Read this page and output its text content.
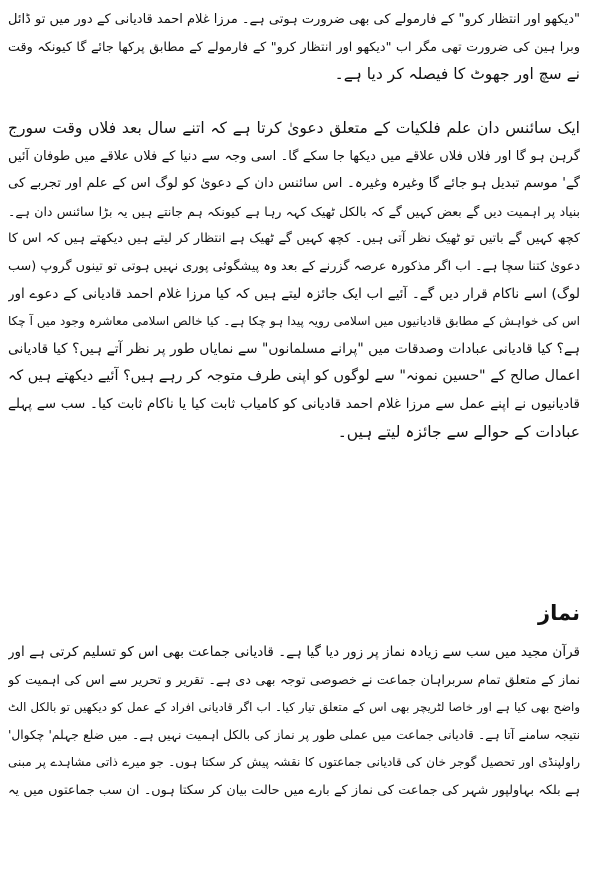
"دیکھو اور انتظار کرو" کے فارمولے کی بھی ضرورت ہوتی ہے۔ مرزا غلام احمد قادیانی کے دور میں تو ڈائل
وبرا ہین کی ضرورت تھی مگر اب "دیکھو اور انتظار کرو" کے فارمولے کے مطابق پرکھا جائے گا کیونکہ وقت
نے سچ اور جھوٹ کا فیصلہ کر دیا ہے۔
ایک سائنس دان علم فلکیات کے متعلق دعویٰ کرتا ہے کہ اتنے سال بعد فلاں وقت سورج
گرہن ہو گا اور فلاں فلاں علاقے میں دیکھا جا سکے گا۔ اسی وجہ سے دنیا کے فلاں علاقے میں طوفان آئیں
گے' موسم تبدیل ہو جائے گا وغیرہ وغیرہ۔ اس سائنس دان کے دعویٰ کو لوگ اس کے علم اور تجربے کی
بنیاد پر اہمیت دیں گے بعض کہیں گے کہ بالکل ٹھیک کہہ رہا ہے کیونکہ ہم جانتے ہیں یہ بڑا سائنس دان ہے۔
کچھ کہیں گے باتیں تو ٹھیک نظر آتی ہیں۔ کچھ کہیں گے ٹھیک ہے انتظار کر لیتے ہیں دیکھتے ہیں کہ اس کا
دعویٰ کتنا سچا ہے۔ اب اگر مذکورہ عرصہ گزرنے کے بعد وہ پیشگوئی پوری نہیں ہوتی تو تینوں گروپ (سب
لوگ) اسے ناکام قرار دیں گے۔ آئیے اب ایک جائزہ لیتے ہیں کہ کیا مرزا غلام احمد قادیانی کے دعوے اور
اس کی خواہش کے مطابق قادیانیوں میں اسلامی رویہ پیدا ہو چکا ہے۔ کیا خالص اسلامی معاشرہ وجود میں آ چکا
ہے؟ کیا قادیانی عبادات وصدقات میں "پرانے مسلمانوں" سے نمایاں طور پر نظر آتے ہیں؟ کیا قادیانی
اعمال صالح کے "حسین نمونہ" سے لوگوں کو اپنی طرف متوجہ کر رہے ہیں؟ آئیے دیکھتے ہیں کہ
قادیانیوں نے اپنے عمل سے مرزا غلام احمد قادیانی کو کامیاب ثابت کیا یا ناکام ثابت کیا۔ سب سے پہلے
عبادات کے حوالے سے جائزہ لیتے ہیں۔
نماز
قرآن مجید میں سب سے زیادہ نماز پر زور دیا گیا ہے۔ قادیانی جماعت بھی اس کو تسلیم کرتی ہے اور
نماز کے متعلق تمام سربراہان جماعت نے خصوصی توجہ بھی دی ہے۔ تقریر و تحریر سے اس کی اہمیت کو
واضح بھی کیا ہے اور خاصا لٹریچر بھی اس کے متعلق تیار کیا۔ اب اگر قادیانی افراد کے عمل کو دیکھیں تو بالکل الٹ
نتیجہ سامنے آتا ہے۔ قادیانی جماعت میں عملی طور پر نماز کی بالکل اہمیت نہیں ہے۔ میں ضلع جہلم' چکوال'
راولپنڈی اور تحصیل گوجر خان کی قادیانی جماعتوں کا نقشہ پیش کر سکتا ہوں۔ جو میرے ذاتی مشاہدے پر مبنی
ہے بلکہ بہاولپور شہر کی جماعت کی نماز کے بارے میں حالت بیان کر سکتا ہوں۔ ان سب جماعتوں میں یہ
